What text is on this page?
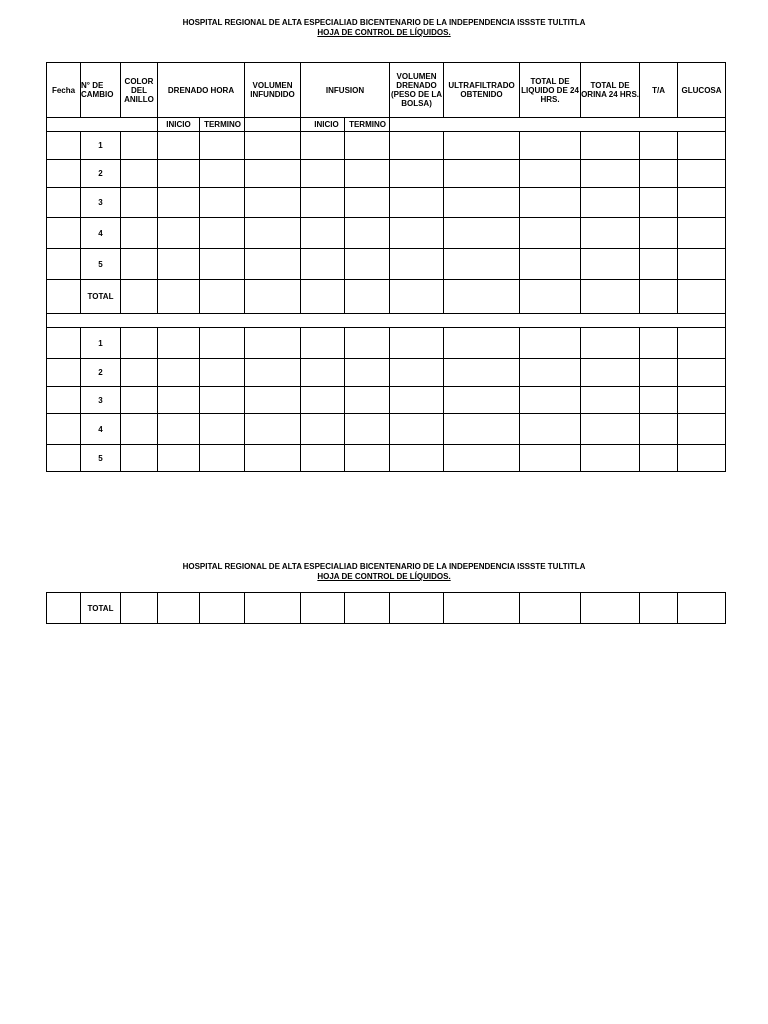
HOSPITAL REGIONAL DE ALTA ESPECIALIAD BICENTENARIO DE LA INDEPENDENCIA ISSSTE TULTITLA
HOJA DE CONTROL DE LÍQUIDOS.
Fecha	N° DE CAMBIO	COLOR DEL ANILLO	DRENADO HORA		VOLUMEN INFUNDIDO	INFUSION		VOLUMEN DRENADO (PESO DE LA BOLSA)	ULTRAFILTRADO OBTENIDO	TOTAL DE LIQUIDO DE 24 HRS.	TOTAL DE ORINA 24 HRS.	T/A	GLUCOSA
			INICIO	TERMINO		INICIO	TERMINO						
	1												
	2												
	3												
	4												
	5												
	TOTAL												

	1												
	2												
	3												
	4												
	5												
HOSPITAL REGIONAL DE ALTA ESPECIALIAD BICENTENARIO DE LA INDEPENDENCIA ISSSTE TULTITLA
HOJA DE CONTROL DE LÍQUIDOS.
	TOTAL												
